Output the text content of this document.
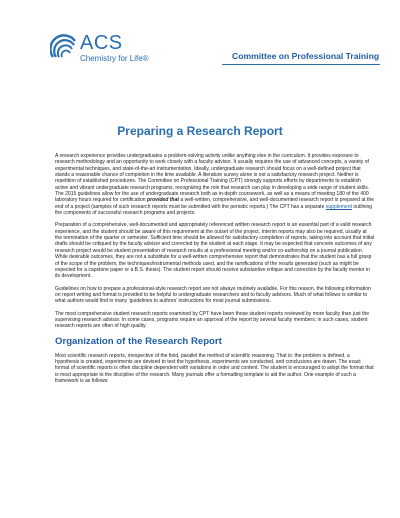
ACS
Chemistry for Life®	Committee on Professional Training
Preparing a Research Report

A research experience provides undergraduates a problem-solving activity unlike anything else in the curriculum. It provides exposure to research methodology and an opportunity to work closely with a faculty advisor. It usually requires the use of advanced concepts, a variety of experimental techniques, and state-of-the-art instrumentation. Ideally, undergraduate research should focus on a well-defined project that stands a reasonable chance of completion in the time available. A literature survey alone is not a satisfactory research project. Neither is repetition of established procedures. The Committee on Professional Training (CPT) strongly supports efforts by departments to establish active and vibrant undergraduate research programs, recognizing the role that research can play in developing a wide range of student skills. The 2015 guidelines allow for the use of undergraduate research both as in-depth coursework, as well as a means of meeting 180 of the 400 laboratory hours required for certification provided that a well-written, comprehensive, and well-documented research report is prepared at the end of a project (samples of such research reports must be submitted with the periodic reports.) The CPT has a separate supplement outlining the components of successful research programs and projects.

Preparation of a comprehensive, well-documented and appropriately referenced written research report is an essential part of a valid research experience, and the student should be aware of this requirement at the outset of the project. Interim reports may also be required, usually at the termination of the quarter or semester. Sufficient time should be allowed for satisfactory completion of reports, taking into account that initial drafts should be critiqued by the faculty advisor and corrected by the student at each stage. It may be expected that concrete outcomes of any research project would be student presentation of research results at a professional meeting and/or co-authorship on a journal publication. While desirable outcomes, they are not a substitute for a well-written comprehensive report that demonstrates that the student has a full grasp of the scope of the problem, the techniques/instrumental methods used, and the ramifications of the results generated (such as might be expected for a capstone paper or a B.S. thesis). The student report should receive substantive critique and correction by the faculty mentor in its development.

Guidelines on how to prepare a professional-style research report are not always routinely available. For this reason, the following information on report writing and format is provided to be helpful to undergraduate researchers and to faculty advisors. Much of what follows is similar to what authors would find in many ‘guidelines to authors’ instructions for most journal submissions.

The most comprehensive student research reports examined by CPT have been those student reports reviewed by more faculty than just the supervising research advisor. In some cases, programs require an approval of the report by several faculty members; in such cases, student research reports are often of high quality.

Organization of the Research Report

Most scientific research reports, irrespective of the field, parallel the method of scientific reasoning. That is: the problem is defined, a hypothesis is created, experiments are devised to test the hypothesis, experiments are conducted, and conclusions are drawn. The exact format of scientific reports is often discipline dependent with variations in order and content. The student is encouraged to adopt the format that is most appropriate to the discipline of the research. Many journals offer a formatting template to aid the author. One example of such a framework is as follows:
